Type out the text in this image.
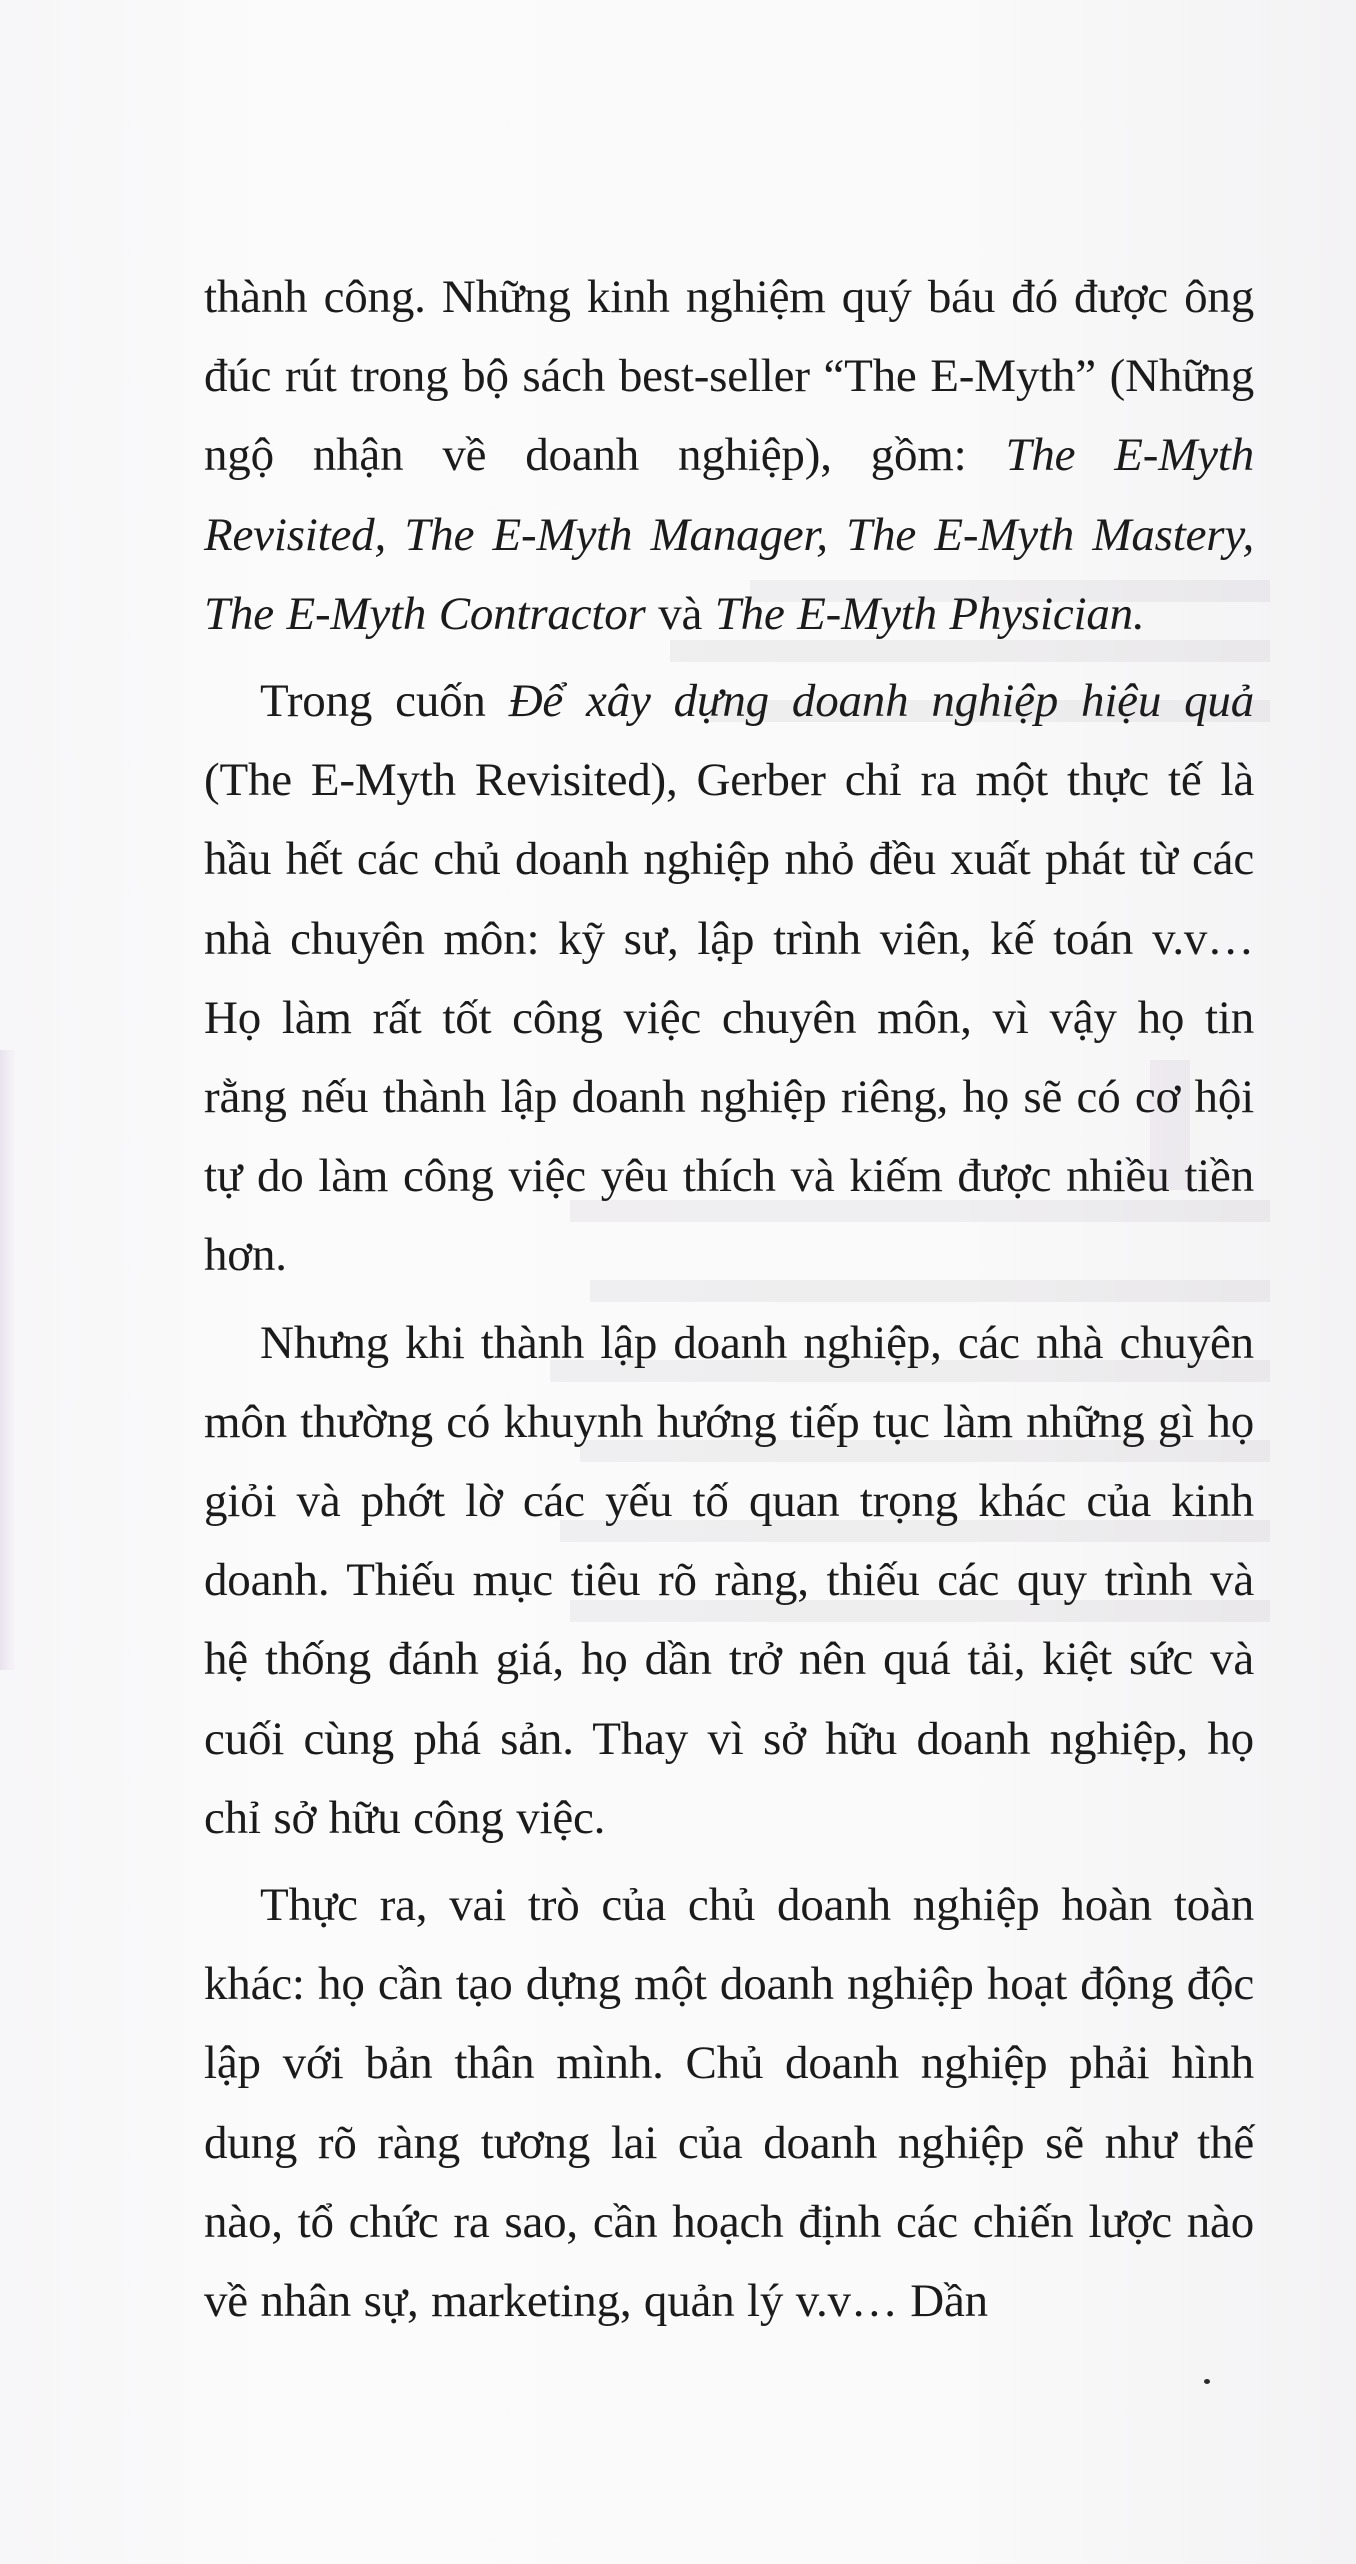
thành công. Những kinh nghiệm quý báu đó được ông đúc rút trong bộ sách best-seller “The E-Myth” (Những ngộ nhận về doanh nghiệp), gồm: The E-Myth Revisited, The E-Myth Manager, The E-Myth Mastery, The E-Myth Contractor và The E-Myth Physician.

Trong cuốn Để xây dựng doanh nghiệp hiệu quả (The E-Myth Revisited), Gerber chỉ ra một thực tế là hầu hết các chủ doanh nghiệp nhỏ đều xuất phát từ các nhà chuyên môn: kỹ sư, lập trình viên, kế toán v.v… Họ làm rất tốt công việc chuyên môn, vì vậy họ tin rằng nếu thành lập doanh nghiệp riêng, họ sẽ có cơ hội tự do làm công việc yêu thích và kiếm được nhiều tiền hơn.

Nhưng khi thành lập doanh nghiệp, các nhà chuyên môn thường có khuynh hướng tiếp tục làm những gì họ giỏi và phớt lờ các yếu tố quan trọng khác của kinh doanh. Thiếu mục tiêu rõ ràng, thiếu các quy trình và hệ thống đánh giá, họ dần trở nên quá tải, kiệt sức và cuối cùng phá sản. Thay vì sở hữu doanh nghiệp, họ chỉ sở hữu công việc.

Thực ra, vai trò của chủ doanh nghiệp hoàn toàn khác: họ cần tạo dựng một doanh nghiệp hoạt động độc lập với bản thân mình. Chủ doanh nghiệp phải hình dung rõ ràng tương lai của doanh nghiệp sẽ như thế nào, tổ chức ra sao, cần hoạch định các chiến lược nào về nhân sự, marketing, quản lý v.v… Dần
